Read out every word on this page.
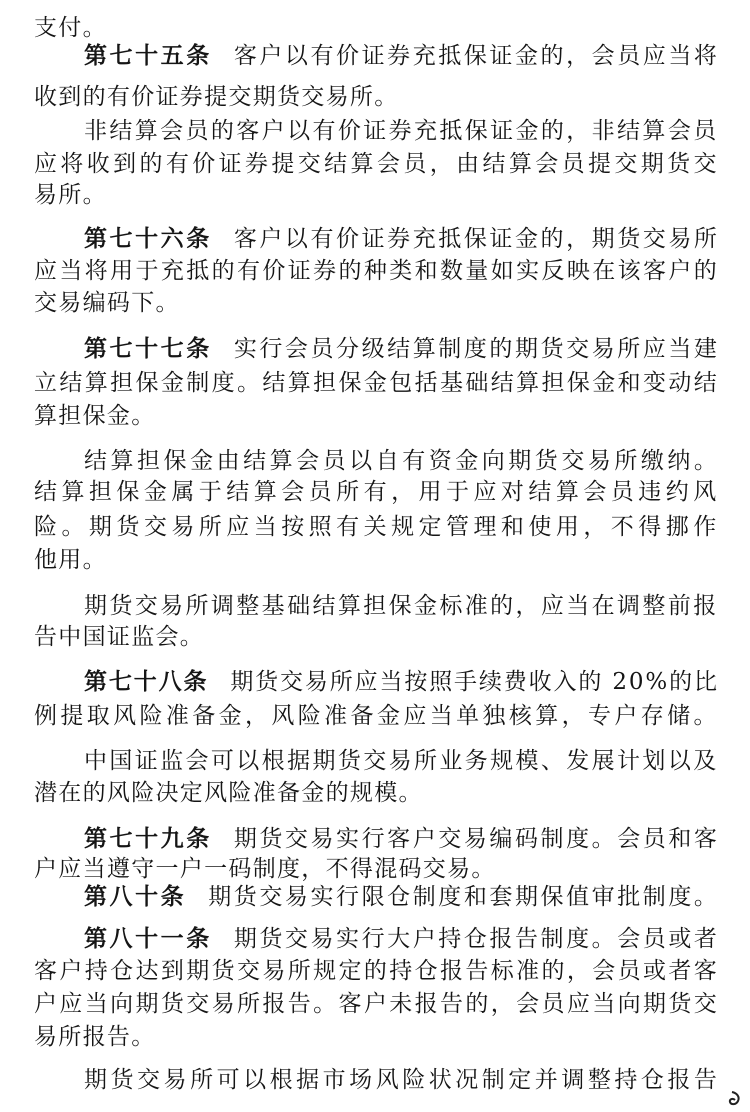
支付。
第七十五条 客户以有价证券充抵保证金的，会员应当将
收到的有价证券提交期货交易所。
非结算会员的客户以有价证券充抵保证金的，非结算会员
应将收到的有价证券提交结算会员，由结算会员提交期货交
易所。
第七十六条 客户以有价证券充抵保证金的，期货交易所
应当将用于充抵的有价证券的种类和数量如实反映在该客户的
交易编码下。
第七十七条 实行会员分级结算制度的期货交易所应当建
立结算担保金制度。结算担保金包括基础结算担保金和变动结
算担保金。
结算担保金由结算会员以自有资金向期货交易所缴纳。
结算担保金属于结算会员所有，用于应对结算会员违约风
险。期货交易所应当按照有关规定管理和使用，不得挪作
他用。
期货交易所调整基础结算担保金标准的，应当在调整前报
告中国证监会。
第七十八条 期货交易所应当按照手续费收入的 20%的比
例提取风险准备金，风险准备金应当单独核算，专户存储。
中国证监会可以根据期货交易所业务规模、发展计划以及
潜在的风险决定风险准备金的规模。
第七十九条 期货交易实行客户交易编码制度。会员和客
户应当遵守一户一码制度，不得混码交易。
第八十条 期货交易实行限仓制度和套期保值审批制度。
第八十一条 期货交易实行大户持仓报告制度。会员或者
客户持仓达到期货交易所规定的持仓报告标准的，会员或者客
户应当向期货交易所报告。客户未报告的，会员应当向期货交
易所报告。
期货交易所可以根据市场风险状况制定并调整持仓报告
